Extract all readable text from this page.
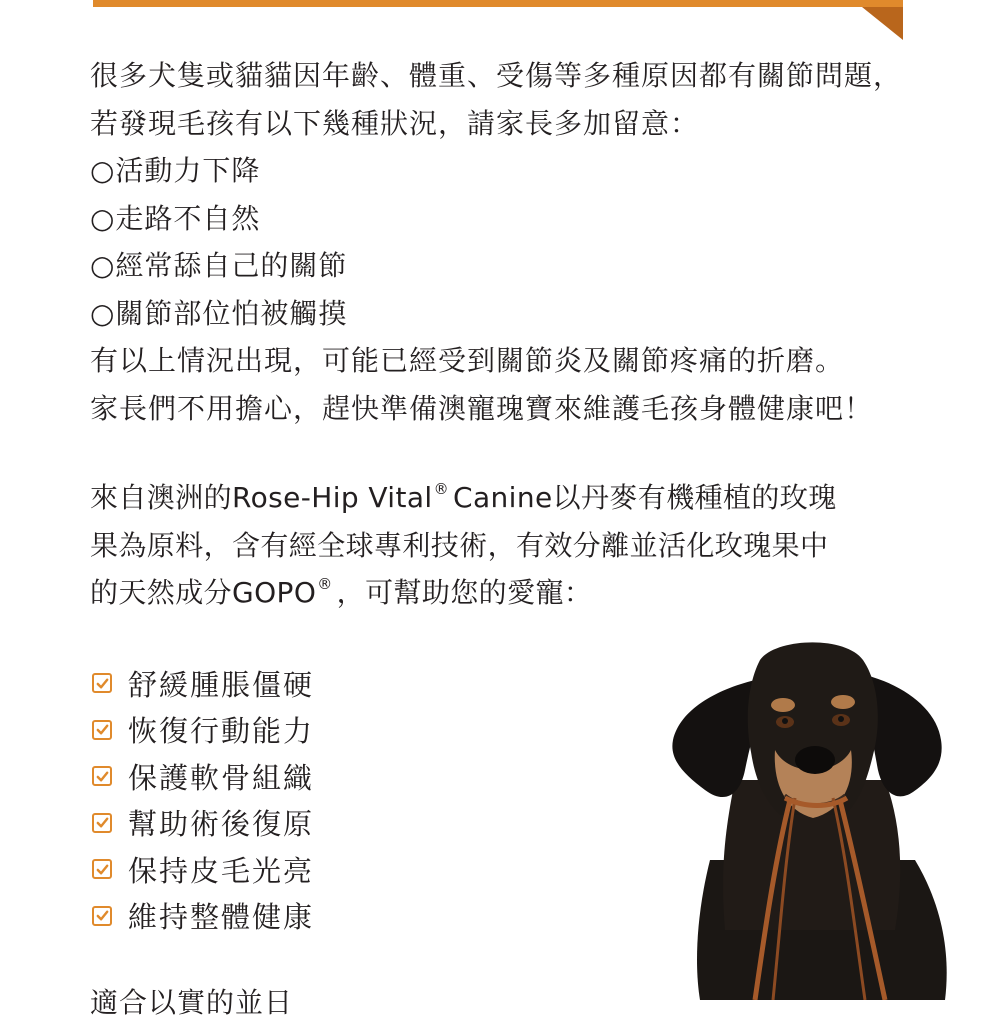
很多犬隻或貓貓因年齡、體重、受傷等多種原因都有關節問題，
若發現毛孩有以下幾種狀況，請家長多加留意：
○活動力下降
○走路不自然
○經常舔自己的關節
○關節部位怕被觸摸
有以上情況出現，可能已經受到關節炎及關節疼痛的折磨。
家長們不用擔心，趕快準備澳寵瑰寶來維護毛孩身體健康吧！
來自澳洲的Rose-Hip Vital® Canine以丹麥有機種植的玫瑰
果為原料，含有經全球專利技術，有效分離並活化玫瑰果中
的天然成分GOPO® ，可幫助您的愛寵：
舒緩腫脹僵硬
恢復行動能力
保護軟骨組織
幫助術後復原
保持皮毛光亮
維持整體健康
適合以實的並日
